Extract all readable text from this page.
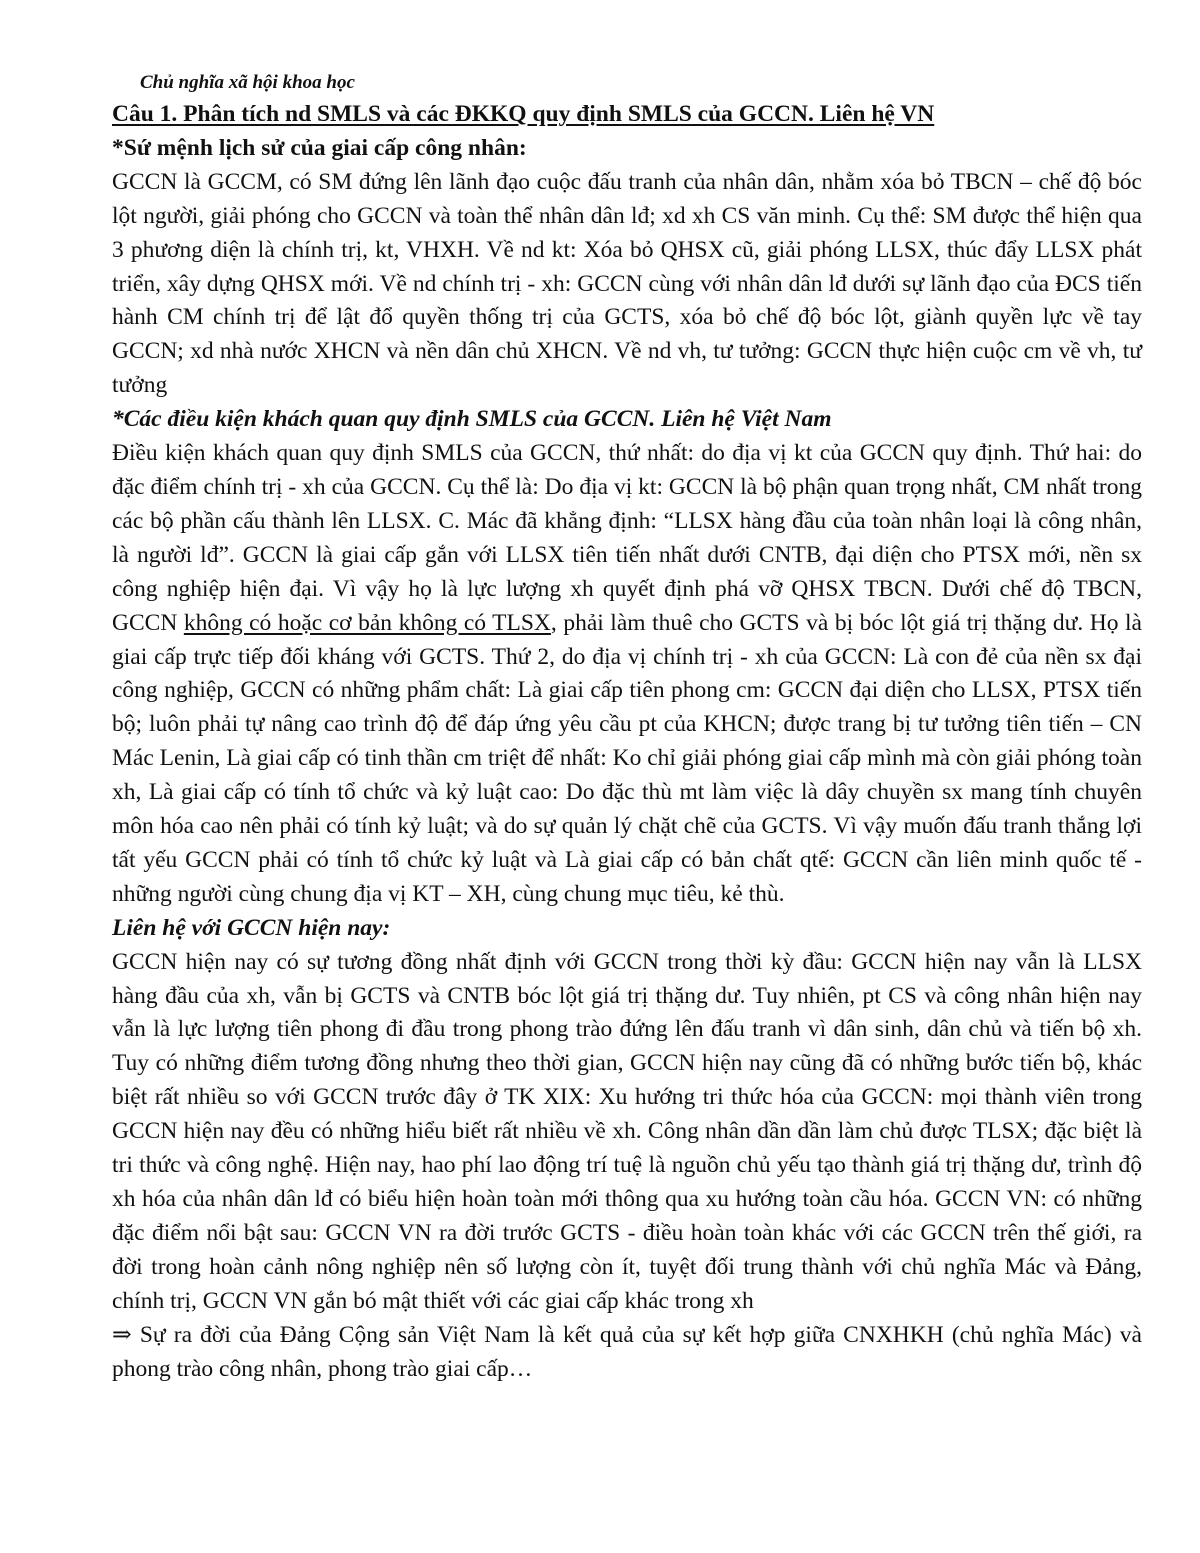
Chủ nghĩa xã hội khoa học
Câu 1. Phân tích nd SMLS và các ĐKKQ quy định SMLS của GCCN. Liên hệ VN
*Sứ mệnh lịch sử của giai cấp công nhân:

GCCN là GCCM, có SM đứng lên lãnh đạo cuộc đấu tranh của nhân dân, nhằm xóa bỏ TBCN – chế độ bóc lột người, giải phóng cho GCCN và toàn thể nhân dân lđ; xd xh CS văn minh. Cụ thể: SM được thể hiện qua 3 phương diện là chính trị, kt, VHXH. Về nd kt: Xóa bỏ QHSX cũ, giải phóng LLSX, thúc đẩy LLSX phát triển, xây dựng QHSX mới. Về nd chính trị - xh: GCCN cùng với nhân dân lđ dưới sự lãnh đạo của ĐCS tiến hành CM chính trị để lật đổ quyền thống trị của GCTS, xóa bỏ chế độ bóc lột, giành quyền lực về tay GCCN; xd nhà nước XHCN và nền dân chủ XHCN. Về nd vh, tư tưởng: GCCN thực hiện cuộc cm về vh, tư tưởng

*Các điều kiện khách quan quy định SMLS của GCCN. Liên hệ Việt Nam

Điều kiện khách quan quy định SMLS của GCCN, thứ nhất: do địa vị kt của GCCN quy định. Thứ hai: do đặc điểm chính trị - xh của GCCN. Cụ thể là: Do địa vị kt: GCCN là bộ phận quan trọng nhất, CM nhất trong các bộ phần cấu thành lên LLSX. C. Mác đã khẳng định: “LLSX hàng đầu của toàn nhân loại là công nhân, là người lđ”. GCCN là giai cấp gắn với LLSX tiên tiến nhất dưới CNTB, đại diện cho PTSX mới, nền sx công nghiệp hiện đại. Vì vậy họ là lực lượng xh quyết định phá vỡ QHSX TBCN. Dưới chế độ TBCN, GCCN không có hoặc cơ bản không có TLSX, phải làm thuê cho GCTS và bị bóc lột giá trị thặng dư. Họ là giai cấp trực tiếp đối kháng với GCTS. Thứ 2, do địa vị chính trị - xh của GCCN: Là con đẻ của nền sx đại công nghiệp, GCCN có những phẩm chất: Là giai cấp tiên phong cm: GCCN đại diện cho LLSX, PTSX tiến bộ; luôn phải tự nâng cao trình độ để đáp ứng yêu cầu pt của KHCN; được trang bị tư tưởng tiên tiến – CN Mác Lenin, Là giai cấp có tinh thần cm triệt để nhất: Ko chỉ giải phóng giai cấp mình mà còn giải phóng toàn xh, Là giai cấp có tính tổ chức và kỷ luật cao: Do đặc thù mt làm việc là dây chuyền sx mang tính chuyên môn hóa cao nên phải có tính kỷ luật; và do sự quản lý chặt chẽ của GCTS. Vì vậy muốn đấu tranh thắng lợi tất yếu GCCN phải có tính tổ chức kỷ luật và Là giai cấp có bản chất qtế: GCCN cần liên minh quốc tế - những người cùng chung địa vị KT – XH, cùng chung mục tiêu, kẻ thù.

Liên hệ với GCCN hiện nay:

GCCN hiện nay có sự tương đồng nhất định với GCCN trong thời kỳ đầu: GCCN hiện nay vẫn là LLSX hàng đầu của xh, vẫn bị GCTS và CNTB bóc lột giá trị thặng dư. Tuy nhiên, pt CS và công nhân hiện nay vẫn là lực lượng tiên phong đi đầu trong phong trào đứng lên đấu tranh vì dân sinh, dân chủ và tiến bộ xh. Tuy có những điểm tương đồng nhưng theo thời gian, GCCN hiện nay cũng đã có những bước tiến bộ, khác biệt rất nhiều so với GCCN trước đây ở TK XIX: Xu hướng tri thức hóa của GCCN: mọi thành viên trong GCCN hiện nay đều có những hiểu biết rất nhiều về xh. Công nhân dần dần làm chủ được TLSX; đặc biệt là tri thức và công nghệ. Hiện nay, hao phí lao động trí tuệ là nguồn chủ yếu tạo thành giá trị thặng dư, trình độ xh hóa của nhân dân lđ có biểu hiện hoàn toàn mới thông qua xu hướng toàn cầu hóa. GCCN VN: có những đặc điểm nổi bật sau: GCCN VN ra đời trước GCTS - điều hoàn toàn khác với các GCCN trên thế giới, ra đời trong hoàn cảnh nông nghiệp nên số lượng còn ít, tuyệt đối trung thành với chủ nghĩa Mác và Đảng, chính trị, GCCN VN gắn bó mật thiết với các giai cấp khác trong xh

⇒ Sự ra đời của Đảng Cộng sản Việt Nam là kết quả của sự kết hợp giữa CNXHKH (chủ nghĩa Mác) và phong trào công nhân, phong trào giai cấp…
